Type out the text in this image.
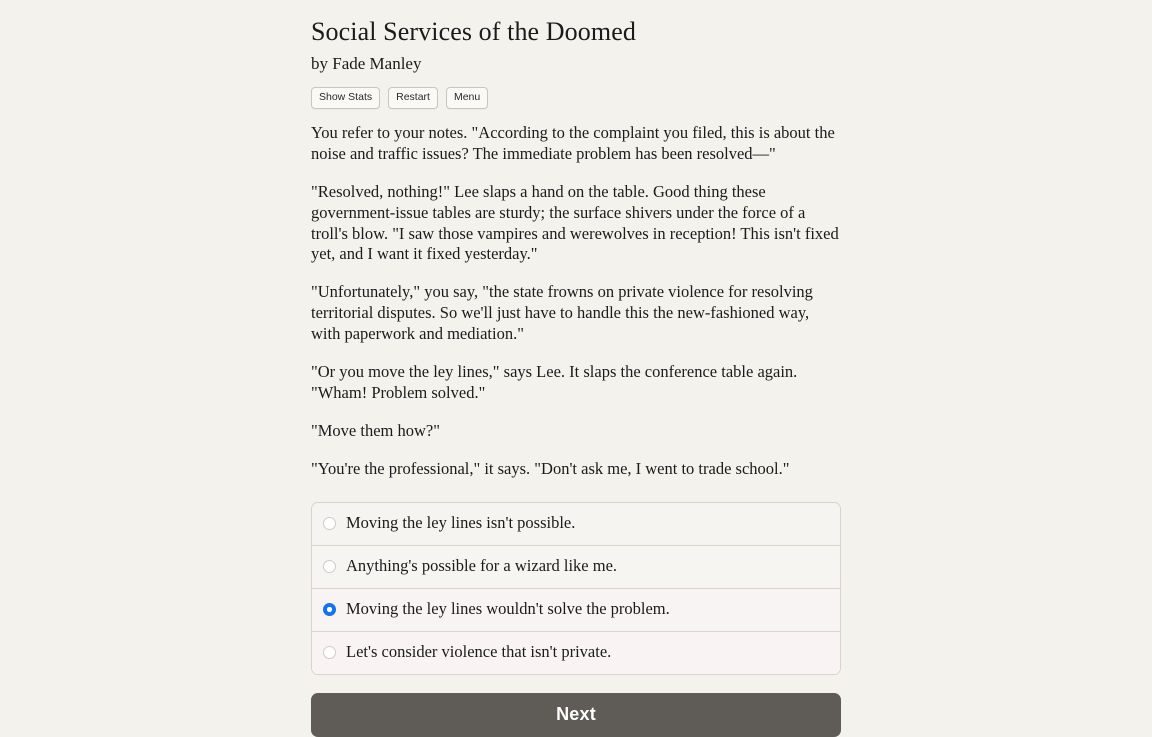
Social Services of the Doomed
by Fade Manley
Show Stats	Restart	Menu

You refer to your notes. "According to the complaint you filed, this is about the noise and traffic issues? The immediate problem has been resolved—"

"Resolved, nothing!" Lee slaps a hand on the table. Good thing these government-issue tables are sturdy; the surface shivers under the force of a troll's blow. "I saw those vampires and werewolves in reception! This isn't fixed yet, and I want it fixed yesterday."

"Unfortunately," you say, "the state frowns on private violence for resolving territorial disputes. So we'll just have to handle this the new-fashioned way, with paperwork and mediation."

"Or you move the ley lines," says Lee. It slaps the conference table again. "Wham! Problem solved."

"Move them how?"

"You're the professional," it says. "Don't ask me, I went to trade school."

Moving the ley lines isn't possible.
Anything's possible for a wizard like me.
Moving the ley lines wouldn't solve the problem.
Let's consider violence that isn't private.
Next
